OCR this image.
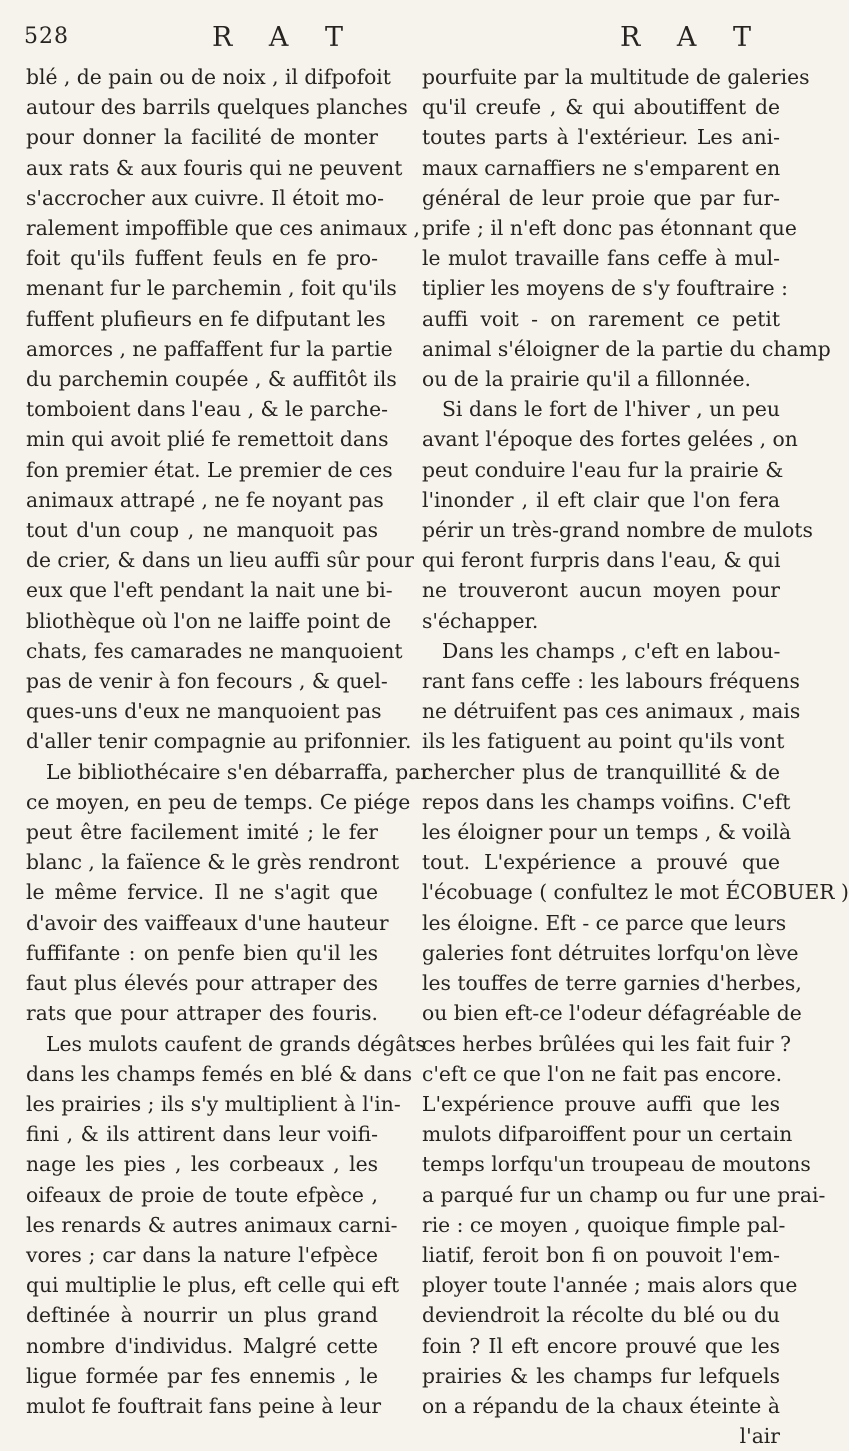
528	R A T	R A T
blé , de pain ou de noix , il difpofoit
autour des barrils quelques planches
pour donner la facilité de monter
aux rats & aux fouris qui ne peuvent
s'accrocher aux cuivre. Il étoit mo-
ralement impoffible que ces animaux ,
foit qu'ils fuffent feuls en fe pro-
menant fur le parchemin , foit qu'ils
fuffent plufieurs en fe difputant les
amorces , ne paffaffent fur la partie
du parchemin coupée , & auffitôt ils
tomboient dans l'eau , & le parche-
min qui avoit plié fe remettoit dans
fon premier état. Le premier de ces
animaux attrapé , ne fe noyant pas
tout d'un coup , ne manquoit pas
de crier, & dans un lieu auffi sûr pour
eux que l'eft pendant la nait une bi-
bliothèque où l'on ne laiffe point de
chats, fes camarades ne manquoient
pas de venir à fon fecours , & quel-
ques-uns d'eux ne manquoient pas
d'aller tenir compagnie au prifonnier.
Le bibliothécaire s'en débarraffa, par
ce moyen, en peu de temps. Ce piége
peut être facilement imité ; le fer
blanc , la faïence & le grès rendront
le même fervice. Il ne s'agit que
d'avoir des vaiffeaux d'une hauteur
fuffifante : on penfe bien qu'il les
faut plus élevés pour attraper des
rats que pour attraper des fouris.
Les mulots caufent de grands dégâts
dans les champs femés en blé & dans
les prairies ; ils s'y multiplient à l'in-
fini , & ils attirent dans leur voifi-
nage les pies , les corbeaux , les
oifeaux de proie de toute efpèce ,
les renards & autres animaux carni-
vores ; car dans la nature l'efpèce
qui multiplie le plus, eft celle qui eft
deftinée à nourrir un plus grand
nombre d'individus. Malgré cette
ligue formée par fes ennemis , le
mulot fe fouftrait fans peine à leur
pourfuite par la multitude de galeries
qu'il creufe , & qui aboutiffent de
toutes parts à l'extérieur. Les ani-
maux carnaffiers ne s'emparent en
général de leur proie que par fur-
prife ; il n'eft donc pas étonnant que
le mulot travaille fans ceffe à mul-
tiplier les moyens de s'y fouftraire :
auffi voit - on rarement ce petit
animal s'éloigner de la partie du champ
ou de la prairie qu'il a fillonnée.
Si dans le fort de l'hiver , un peu
avant l'époque des fortes gelées , on
peut conduire l'eau fur la prairie &
l'inonder , il eft clair que l'on fera
périr un très-grand nombre de mulots
qui feront furpris dans l'eau, & qui
ne trouveront aucun moyen pour
s'échapper.
Dans les champs , c'eft en labou-
rant fans ceffe : les labours fréquens
ne détruifent pas ces animaux , mais
ils les fatiguent au point qu'ils vont
chercher plus de tranquillité & de
repos dans les champs voifins. C'eft
les éloigner pour un temps , & voilà
tout. L'expérience a prouvé que
l'écobuage ( confultez le mot ÉCOBUER )
les éloigne. Eft - ce parce que leurs
galeries font détruites lorfqu'on lève
les touffes de terre garnies d'herbes,
ou bien eft-ce l'odeur défagréable de
ces herbes brûlées qui les fait fuir ?
c'eft ce que l'on ne fait pas encore.
L'expérience prouve auffi que les
mulots difparoiffent pour un certain
temps lorfqu'un troupeau de moutons
a parqué fur un champ ou fur une prai-
rie : ce moyen , quoique fimple pal-
liatif, feroit bon fi on pouvoit l'em-
ployer toute l'année ; mais alors que
deviendroit la récolte du blé ou du
foin ? Il eft encore prouvé que les
prairies & les champs fur lefquels
on a répandu de la chaux éteinte à
l'air
